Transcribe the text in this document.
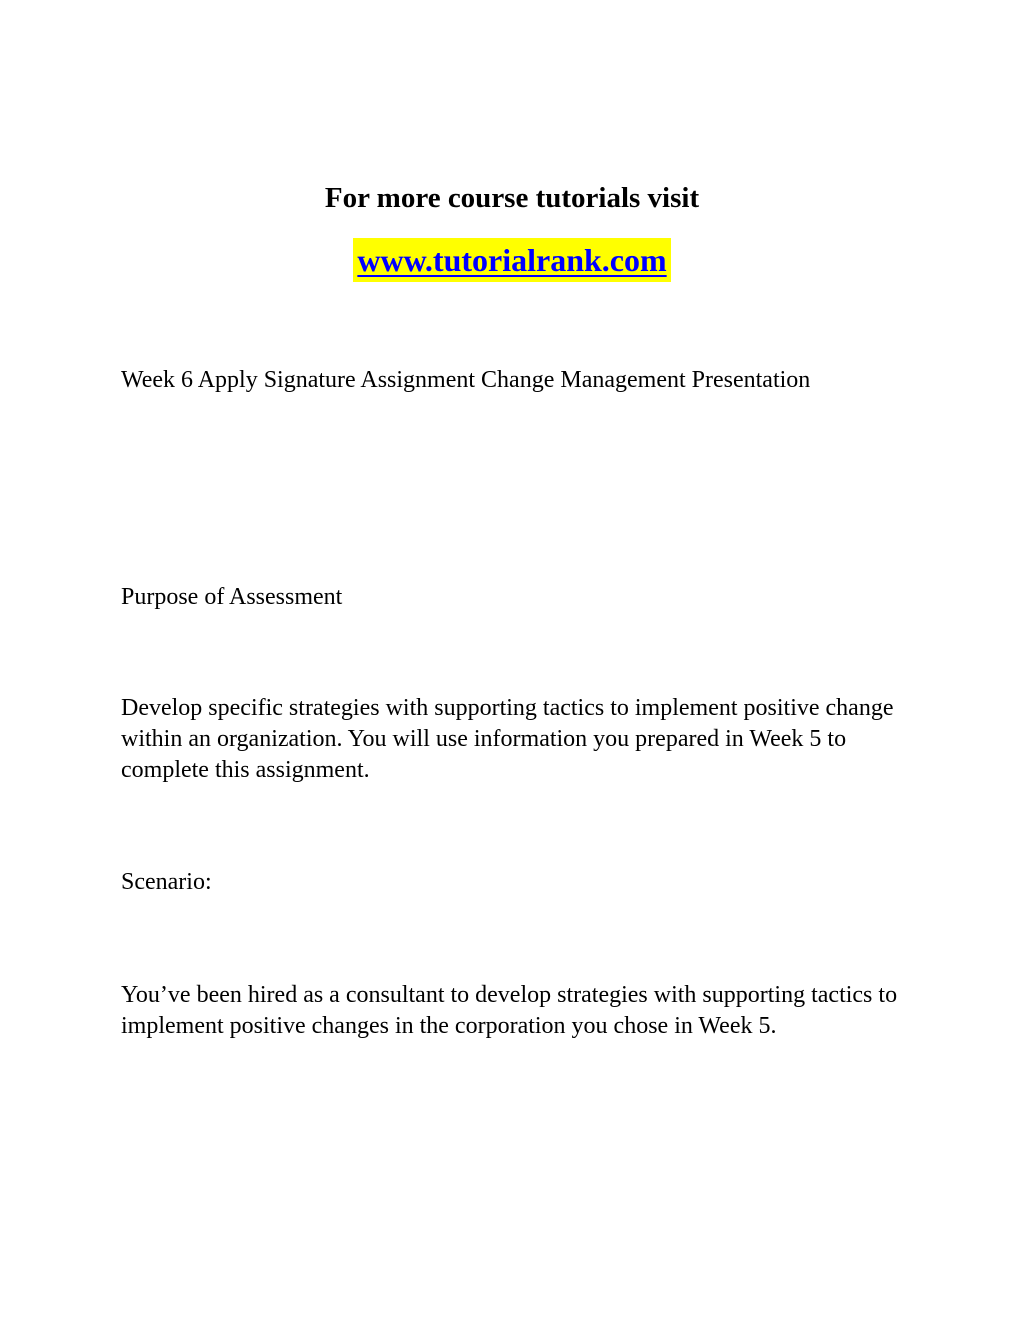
For more course tutorials visit
www.tutorialrank.com
Week 6 Apply Signature Assignment Change Management Presentation
Purpose of Assessment
Develop specific strategies with supporting tactics to implement positive change within an organization. You will use information you prepared in Week 5 to complete this assignment.
Scenario:
You’ve been hired as a consultant to develop strategies with supporting tactics to implement positive changes in the corporation you chose in Week 5.
